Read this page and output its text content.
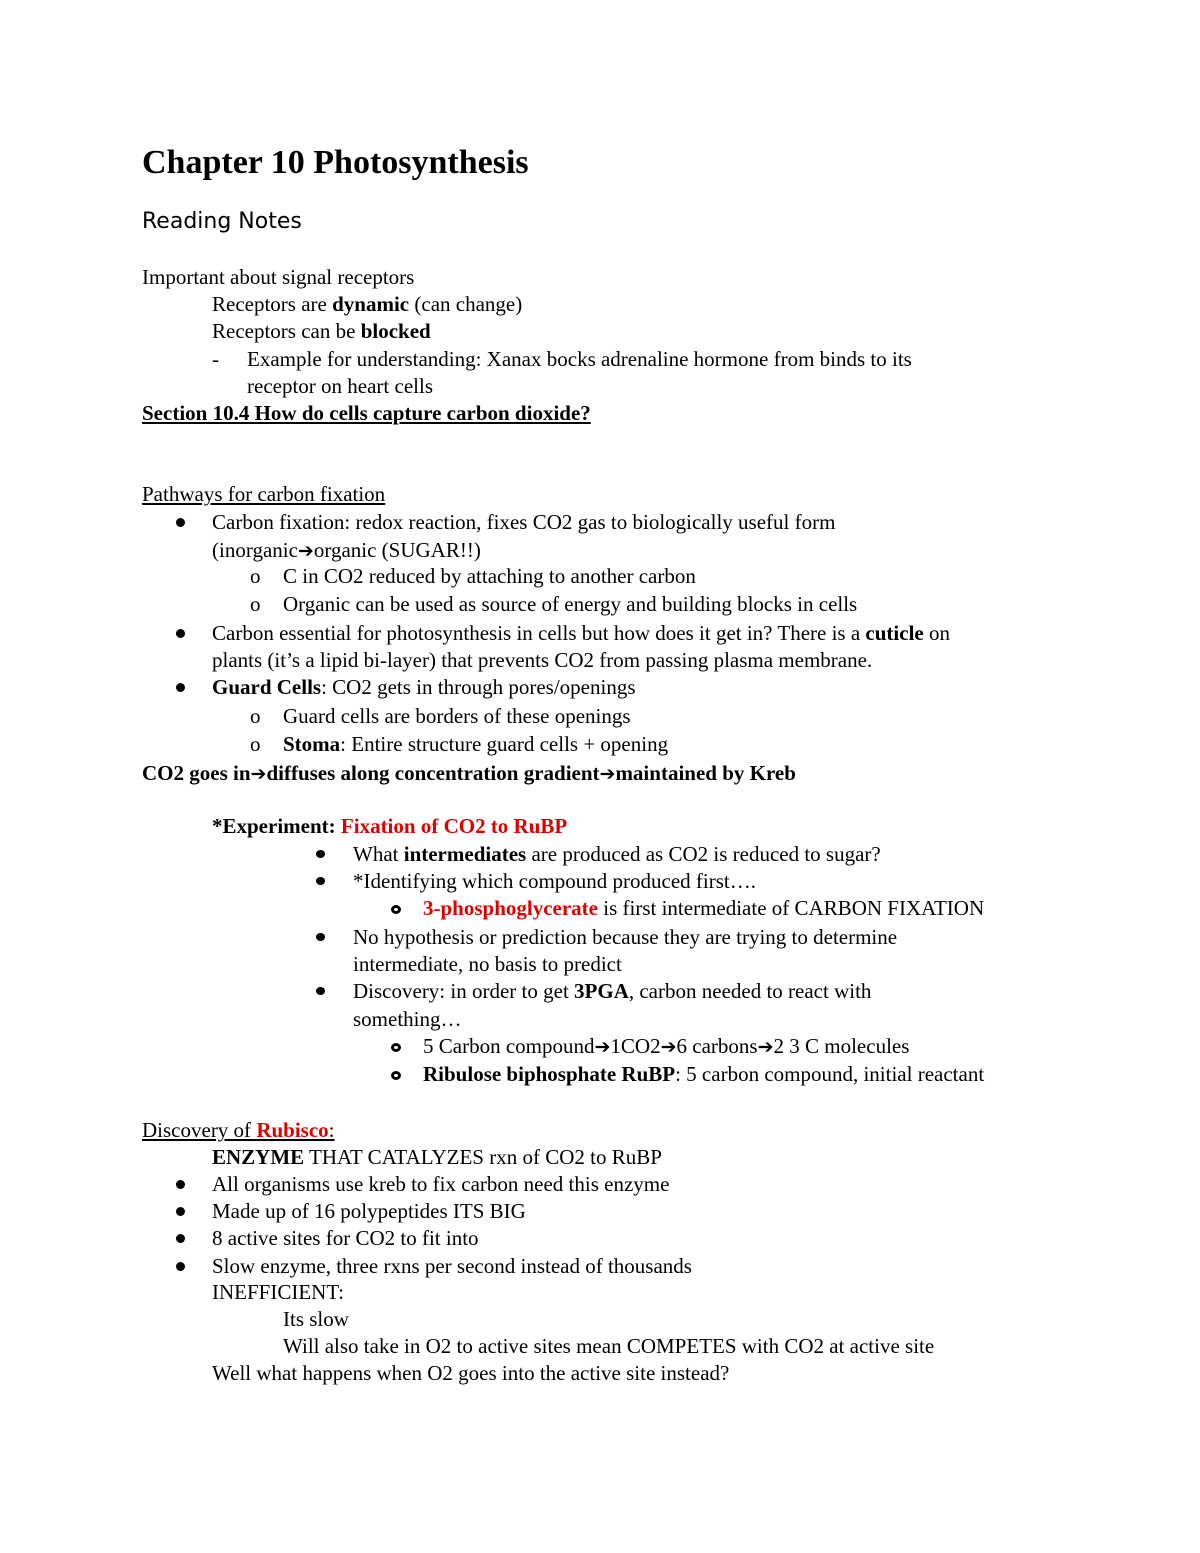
Chapter 10 Photosynthesis
Reading Notes
Important about signal receptors
Receptors are dynamic (can change)
Receptors can be blocked
- Example for understanding: Xanax bocks adrenaline hormone from binds to its
receptor on heart cells
Section 10.4 How do cells capture carbon dioxide?
Pathways for carbon fixation
Carbon fixation: redox reaction, fixes CO2 gas to biologically useful form
(inorganic➔organic (SUGAR!!)
o C in CO2 reduced by attaching to another carbon
o Organic can be used as source of energy and building blocks in cells
Carbon essential for photosynthesis in cells but how does it get in? There is a cuticle on
plants (it’s a lipid bi-layer) that prevents CO2 from passing plasma membrane.
Guard Cells: CO2 gets in through pores/openings
o Guard cells are borders of these openings
o Stoma: Entire structure guard cells + opening
CO2 goes in➔diffuses along concentration gradient➔maintained by Kreb
*Experiment: Fixation of CO2 to RuBP
What intermediates are produced as CO2 is reduced to sugar?
*Identifying which compound produced first….
3-phosphoglycerate is first intermediate of CARBON FIXATION
No hypothesis or prediction because they are trying to determine
intermediate, no basis to predict
Discovery: in order to get 3PGA, carbon needed to react with
something…
5 Carbon compound➔1CO2➔6 carbons➔2 3 C molecules
Ribulose biphosphate RuBP: 5 carbon compound, initial reactant
Discovery of Rubisco:
ENZYME THAT CATALYZES rxn of CO2 to RuBP
All organisms use kreb to fix carbon need this enzyme
Made up of 16 polypeptides ITS BIG
8 active sites for CO2 to fit into
Slow enzyme, three rxns per second instead of thousands
INEFFICIENT:
Its slow
Will also take in O2 to active sites mean COMPETES with CO2 at active site
Well what happens when O2 goes into the active site instead?
